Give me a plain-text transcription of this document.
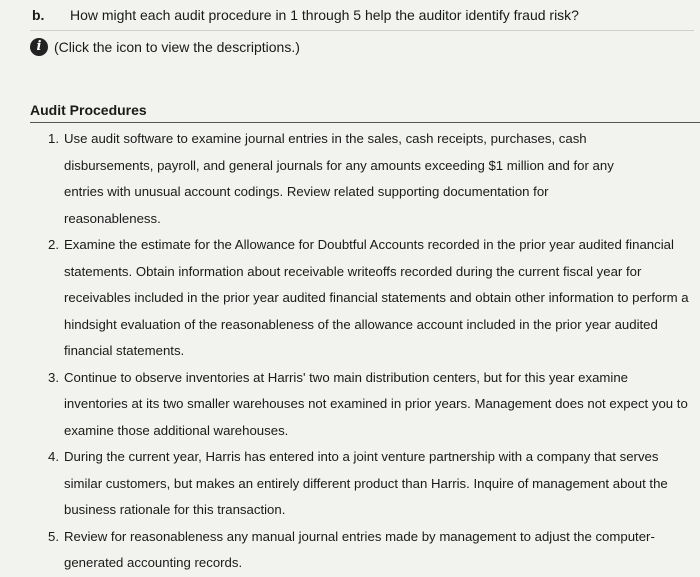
b. How might each audit procedure in 1 through 5 help the auditor identify fraud risk?
i (Click the icon to view the descriptions.)
Audit Procedures
1. Use audit software to examine journal entries in the sales, cash receipts, purchases, cash disbursements, payroll, and general journals for any amounts exceeding $1 million and for any entries with unusual account codings. Review related supporting documentation for reasonableness.
2. Examine the estimate for the Allowance for Doubtful Accounts recorded in the prior year audited financial statements. Obtain information about receivable writeoffs recorded during the current fiscal year for receivables included in the prior year audited financial statements and obtain other information to perform a hindsight evaluation of the reasonableness of the allowance account included in the prior year audited financial statements.
3. Continue to observe inventories at Harris' two main distribution centers, but for this year examine inventories at its two smaller warehouses not examined in prior years. Management does not expect you to examine those additional warehouses.
4. During the current year, Harris has entered into a joint venture partnership with a company that serves similar customers, but makes an entirely different product than Harris. Inquire of management about the business rationale for this transaction.
5. Review for reasonableness any manual journal entries made by management to adjust the computer-generated accounting records.
